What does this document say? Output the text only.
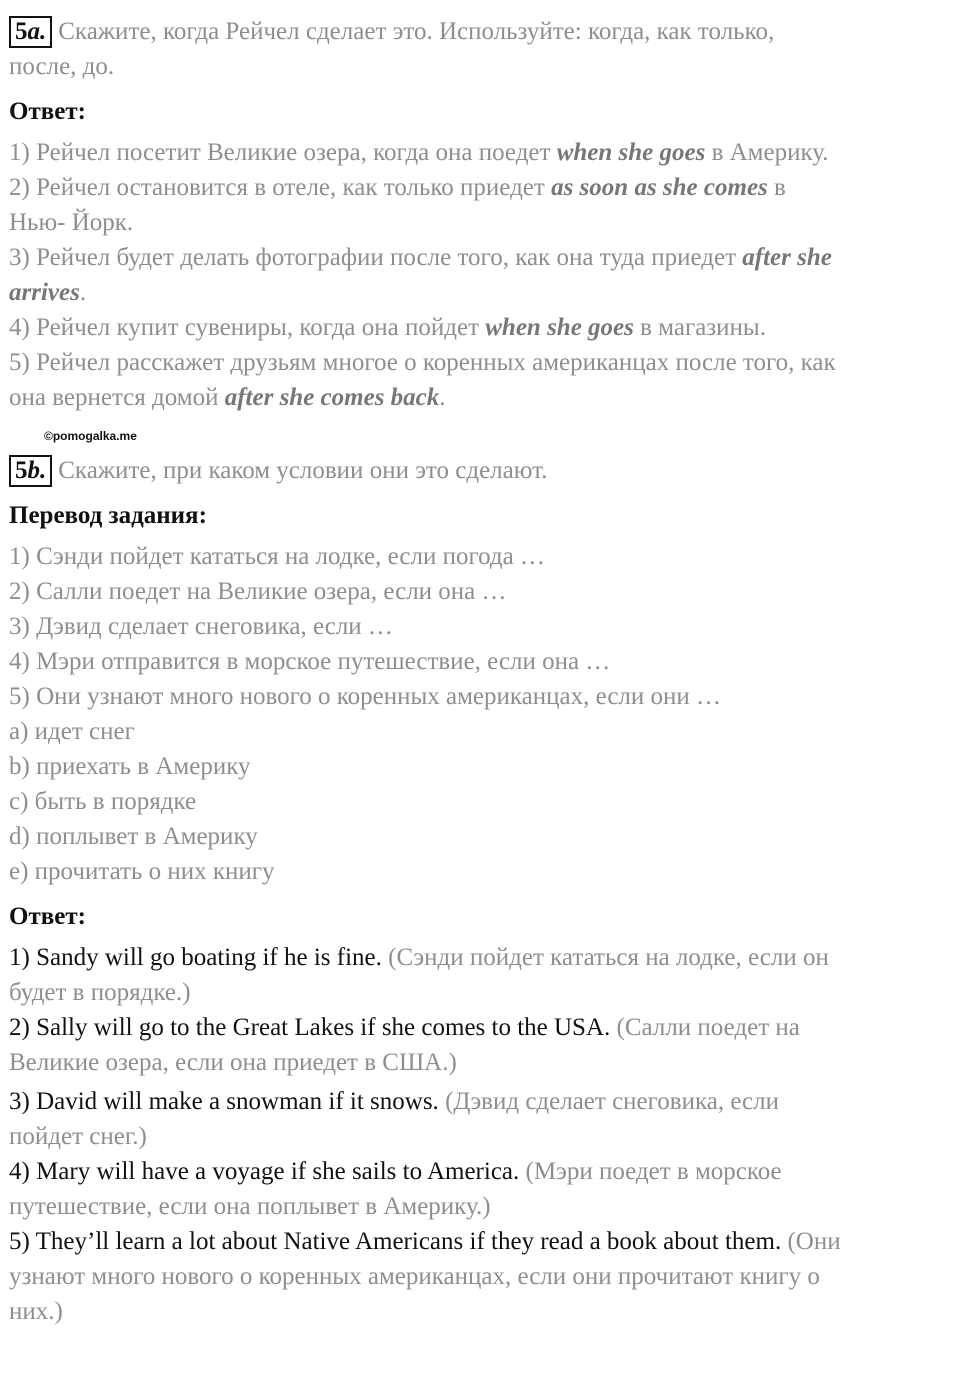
5a. Скажите, когда Рейчел сделает это. Используйте: когда, как только,
после, до.
Ответ:
1) Рейчел посетит Великие озера, когда она поедет when she goes в Америку.
2) Рейчел остановится в отеле, как только приедет as soon as she comes в
Нью- Йорк.
3) Рейчел будет делать фотографии после того, как она туда приедет after she
arrives.
4) Рейчел купит сувениры, когда она пойдет when she goes в магазины.
5) Рейчел расскажет друзьям многое о коренных американцах после того, как
она вернется домой after she comes back.
©pomogalka.me
5b. Скажите, при каком условии они это сделают.
Перевод задания:
1) Сэнди пойдет кататься на лодке, если погода …
2) Салли поедет на Великие озера, если она …
3) Дэвид сделает снеговика, если …
4) Мэри отправится в морское путешествие, если она …
5) Они узнают много нового о коренных американцах, если они …
a) идет снег
b) приехать в Америку
c) быть в порядке
d) поплывет в Америку
e) прочитать о них книгу
Ответ:
1) Sandy will go boating if he is fine. (Сэнди пойдет кататься на лодке, если он
будет в порядке.)
2) Sally will go to the Great Lakes if she comes to the USA. (Салли поедет на
Великие озера, если она приедет в США.)
3) David will make a snowman if it snows. (Дэвид сделает снеговика, если
пойдет снег.)
4) Mary will have a voyage if she sails to America. (Мэри поедет в морское
путешествие, если она поплывет в Америку.)
5) They’ll learn a lot about Native Americans if they read a book about them. (Они
узнают много нового о коренных американцах, если они прочитают книгу о
них.)
